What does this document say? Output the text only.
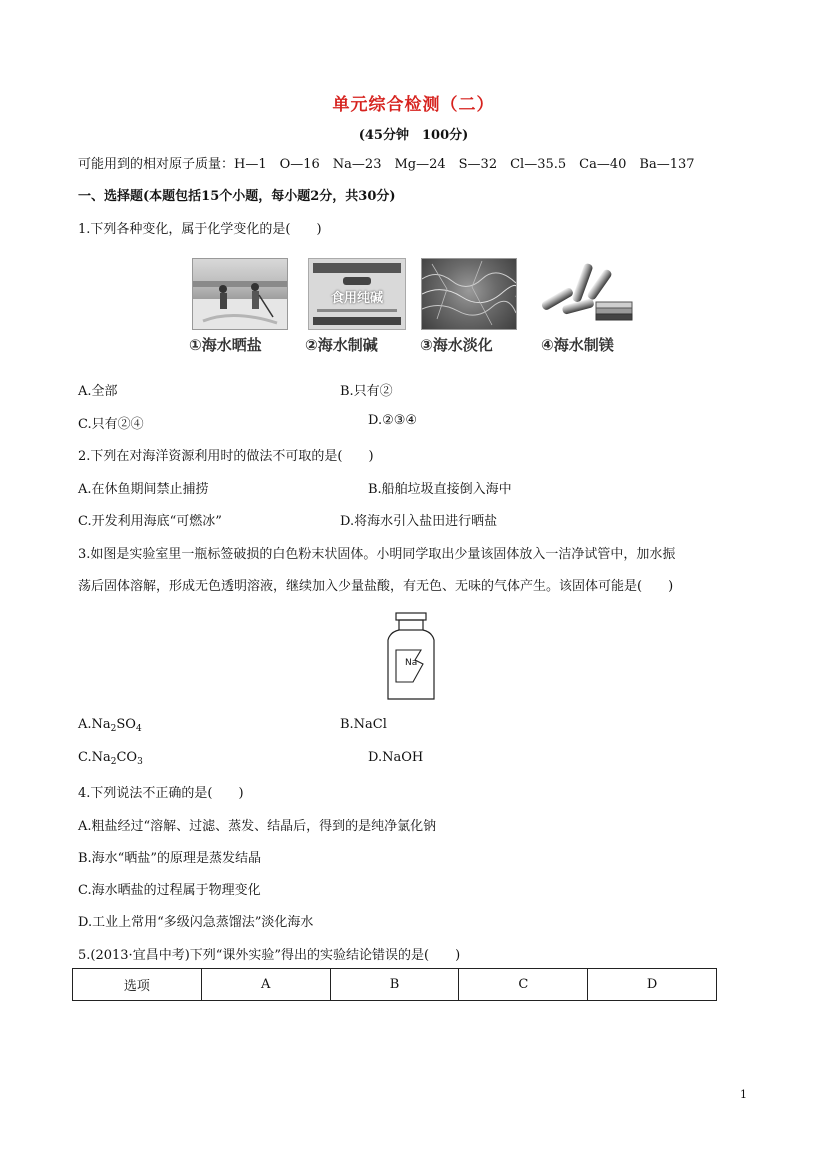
单元综合检测（二）
(45分钟　100分)
可能用到的相对原子质量：H—1　O—16　Na—23　Mg—24　S—32　Cl—35.5　Ca—40　Ba—137
一、选择题(本题包括15个小题，每小题2分，共30分)
1.下列各种变化，属于化学变化的是(　　)
①海水晒盐
食用纯碱
②海水制碱	③海水淡化	④海水制镁
A.全部	B.只有②
C.只有②④	D.②③④
2.下列在对海洋资源利用时的做法不可取的是(　　)
A.在休鱼期间禁止捕捞	B.船舶垃圾直接倒入海中
C.开发利用海底“可燃冰”	D.将海水引入盐田进行晒盐
3.如图是实验室里一瓶标签破损的白色粉末状固体。小明同学取出少量该固体放入一洁净试管中，加水振
荡后固体溶解，形成无色透明溶液，继续加入少量盐酸，有无色、无味的气体产生。该固体可能是(　　)
Na
$A.Na_2SO_4$	B.NaCl
$C.Na_2CO_3$	D.NaOH
4.下列说法不正确的是(　　)
A.粗盐经过“溶解、过滤、蒸发、结晶后，得到的是纯净氯化钠
B.海水“晒盐”的原理是蒸发结晶
C.海水晒盐的过程属于物理变化
D.工业上常用“多级闪急蒸馏法”淡化海水
5.(2013·宜昌中考)下列“课外实验”得出的实验结论错误的是(　　)
选项	A	B	C	D
1
